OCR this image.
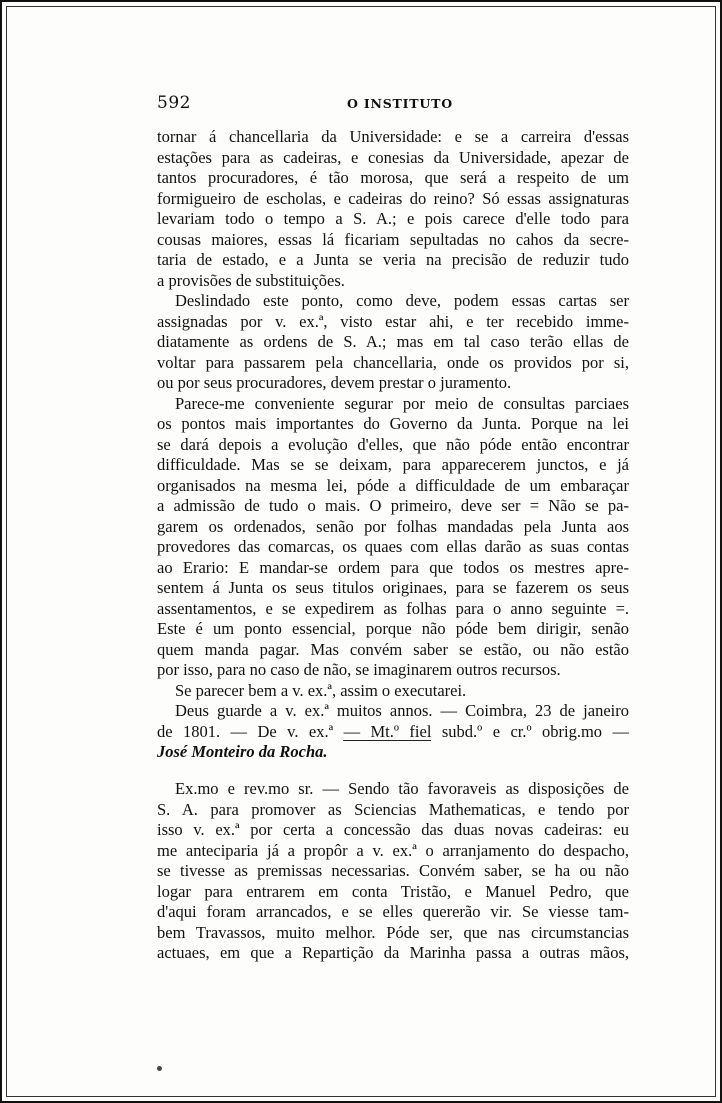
592	O INSTITUTO
tornar á chancellaria da Universidade: e se a carreira d'essas
estações para as cadeiras, e conesias da Universidade, apezar de
tantos procuradores, é tão morosa, que será a respeito de um
formigueiro de escholas, e cadeiras do reino? Só essas assignaturas
levariam todo o tempo a S. A.; e pois carece d'elle todo para
cousas maiores, essas lá ficariam sepultadas no cahos da secre-
taria de estado, e a Junta se veria na precisão de reduzir tudo
a provisões de substituições.
Deslindado este ponto, como deve, podem essas cartas ser
assignadas por v. ex.ª, visto estar ahi, e ter recebido imme-
diatamente as ordens de S. A.; mas em tal caso terão ellas de
voltar para passarem pela chancellaria, onde os providos por si,
ou por seus procuradores, devem prestar o juramento.
Parece-me conveniente segurar por meio de consultas parciaes
os pontos mais importantes do Governo da Junta. Porque na lei
se dará depois a evolução d'elles, que não póde então encontrar
difficuldade. Mas se se deixam, para apparecerem junctos, e já
organisados na mesma lei, póde a difficuldade de um embaraçar
a admissão de tudo o mais. O primeiro, deve ser = Não se pa-
garem os ordenados, senão por folhas mandadas pela Junta aos
provedores das comarcas, os quaes com ellas darão as suas contas
ao Erario: E mandar-se ordem para que todos os mestres apre-
sentem á Junta os seus titulos originaes, para se fazerem os seus
assentamentos, e se expedirem as folhas para o anno seguinte =.
Este é um ponto essencial, porque não póde bem dirigir, senão
quem manda pagar. Mas convém saber se estão, ou não estão
por isso, para no caso de não, se imaginarem outros recursos.
Se parecer bem a v. ex.ª, assim o executarei.
Deus guarde a v. ex.ª muitos annos. — Coimbra, 23 de janeiro
de 1801. — De v. ex.ª — Mt.º fiel subd.º e cr.º obrig.mo —
José Monteiro da Rocha.
Ex.mo e rev.mo sr. — Sendo tão favoraveis as disposições de
S. A. para promover as Sciencias Mathematicas, e tendo por
isso v. ex.ª por certa a concessão das duas novas cadeiras: eu
me anteciparia já a propôr a v. ex.ª o arranjamento do despacho,
se tivesse as premissas necessarias. Convém saber, se ha ou não
logar para entrarem em conta Tristão, e Manuel Pedro, que
d'aqui foram arrancados, e se elles quererão vir. Se viesse tam-
bem Travassos, muito melhor. Póde ser, que nas circumstancias
actuaes, em que a Repartição da Marinha passa a outras mãos,
